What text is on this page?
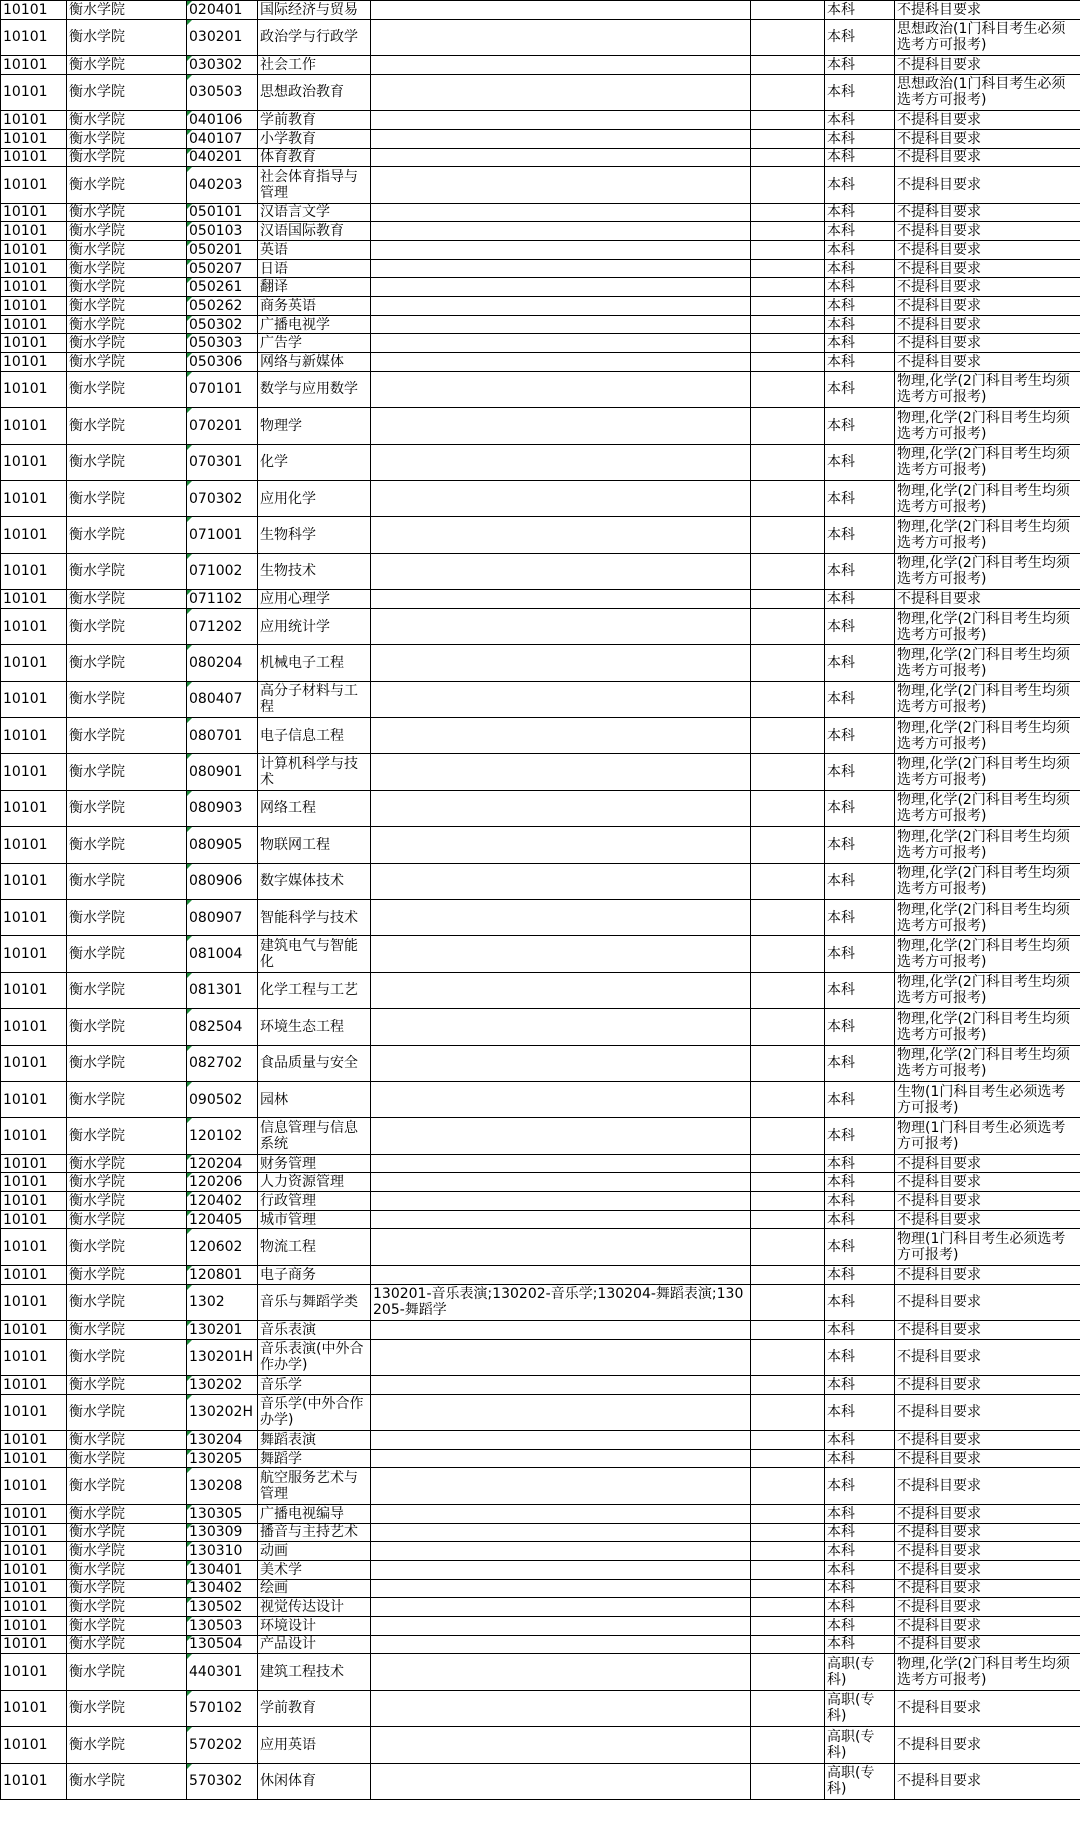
10101	衡水学院	020401	国际经济与贸易			本科	不提科目要求
10101	衡水学院	030201	政治学与行政学			本科	思想政治(1门科目考生必须选考方可报考)
10101	衡水学院	030302	社会工作			本科	不提科目要求
10101	衡水学院	030503	思想政治教育			本科	思想政治(1门科目考生必须选考方可报考)
10101	衡水学院	040106	学前教育			本科	不提科目要求
10101	衡水学院	040107	小学教育			本科	不提科目要求
10101	衡水学院	040201	体育教育			本科	不提科目要求
10101	衡水学院	040203	社会体育指导与管理			本科	不提科目要求
10101	衡水学院	050101	汉语言文学			本科	不提科目要求
10101	衡水学院	050103	汉语国际教育			本科	不提科目要求
10101	衡水学院	050201	英语			本科	不提科目要求
10101	衡水学院	050207	日语			本科	不提科目要求
10101	衡水学院	050261	翻译			本科	不提科目要求
10101	衡水学院	050262	商务英语			本科	不提科目要求
10101	衡水学院	050302	广播电视学			本科	不提科目要求
10101	衡水学院	050303	广告学			本科	不提科目要求
10101	衡水学院	050306	网络与新媒体			本科	不提科目要求
10101	衡水学院	070101	数学与应用数学			本科	物理,化学(2门科目考生均须选考方可报考)
10101	衡水学院	070201	物理学			本科	物理,化学(2门科目考生均须选考方可报考)
10101	衡水学院	070301	化学			本科	物理,化学(2门科目考生均须选考方可报考)
10101	衡水学院	070302	应用化学			本科	物理,化学(2门科目考生均须选考方可报考)
10101	衡水学院	071001	生物科学			本科	物理,化学(2门科目考生均须选考方可报考)
10101	衡水学院	071002	生物技术			本科	物理,化学(2门科目考生均须选考方可报考)
10101	衡水学院	071102	应用心理学			本科	不提科目要求
10101	衡水学院	071202	应用统计学			本科	物理,化学(2门科目考生均须选考方可报考)
10101	衡水学院	080204	机械电子工程			本科	物理,化学(2门科目考生均须选考方可报考)
10101	衡水学院	080407	高分子材料与工程			本科	物理,化学(2门科目考生均须选考方可报考)
10101	衡水学院	080701	电子信息工程			本科	物理,化学(2门科目考生均须选考方可报考)
10101	衡水学院	080901	计算机科学与技术			本科	物理,化学(2门科目考生均须选考方可报考)
10101	衡水学院	080903	网络工程			本科	物理,化学(2门科目考生均须选考方可报考)
10101	衡水学院	080905	物联网工程			本科	物理,化学(2门科目考生均须选考方可报考)
10101	衡水学院	080906	数字媒体技术			本科	物理,化学(2门科目考生均须选考方可报考)
10101	衡水学院	080907	智能科学与技术			本科	物理,化学(2门科目考生均须选考方可报考)
10101	衡水学院	081004	建筑电气与智能化			本科	物理,化学(2门科目考生均须选考方可报考)
10101	衡水学院	081301	化学工程与工艺			本科	物理,化学(2门科目考生均须选考方可报考)
10101	衡水学院	082504	环境生态工程			本科	物理,化学(2门科目考生均须选考方可报考)
10101	衡水学院	082702	食品质量与安全			本科	物理,化学(2门科目考生均须选考方可报考)
10101	衡水学院	090502	园林			本科	生物(1门科目考生必须选考方可报考)
10101	衡水学院	120102	信息管理与信息系统			本科	物理(1门科目考生必须选考方可报考)
10101	衡水学院	120204	财务管理			本科	不提科目要求
10101	衡水学院	120206	人力资源管理			本科	不提科目要求
10101	衡水学院	120402	行政管理			本科	不提科目要求
10101	衡水学院	120405	城市管理			本科	不提科目要求
10101	衡水学院	120602	物流工程			本科	物理(1门科目考生必须选考方可报考)
10101	衡水学院	120801	电子商务			本科	不提科目要求
10101	衡水学院	1302	音乐与舞蹈学类	130201-音乐表演;130202-音乐学;130204-舞蹈表演;130205-舞蹈学		本科	不提科目要求
10101	衡水学院	130201	音乐表演			本科	不提科目要求
10101	衡水学院	130201H	音乐表演(中外合作办学)			本科	不提科目要求
10101	衡水学院	130202	音乐学			本科	不提科目要求
10101	衡水学院	130202H	音乐学(中外合作办学)			本科	不提科目要求
10101	衡水学院	130204	舞蹈表演			本科	不提科目要求
10101	衡水学院	130205	舞蹈学			本科	不提科目要求
10101	衡水学院	130208	航空服务艺术与管理			本科	不提科目要求
10101	衡水学院	130305	广播电视编导			本科	不提科目要求
10101	衡水学院	130309	播音与主持艺术			本科	不提科目要求
10101	衡水学院	130310	动画			本科	不提科目要求
10101	衡水学院	130401	美术学			本科	不提科目要求
10101	衡水学院	130402	绘画			本科	不提科目要求
10101	衡水学院	130502	视觉传达设计			本科	不提科目要求
10101	衡水学院	130503	环境设计			本科	不提科目要求
10101	衡水学院	130504	产品设计			本科	不提科目要求
10101	衡水学院	440301	建筑工程技术			高职(专科)	物理,化学(2门科目考生均须选考方可报考)
10101	衡水学院	570102	学前教育			高职(专科)	不提科目要求
10101	衡水学院	570202	应用英语			高职(专科)	不提科目要求
10101	衡水学院	570302	休闲体育			高职(专科)	不提科目要求
